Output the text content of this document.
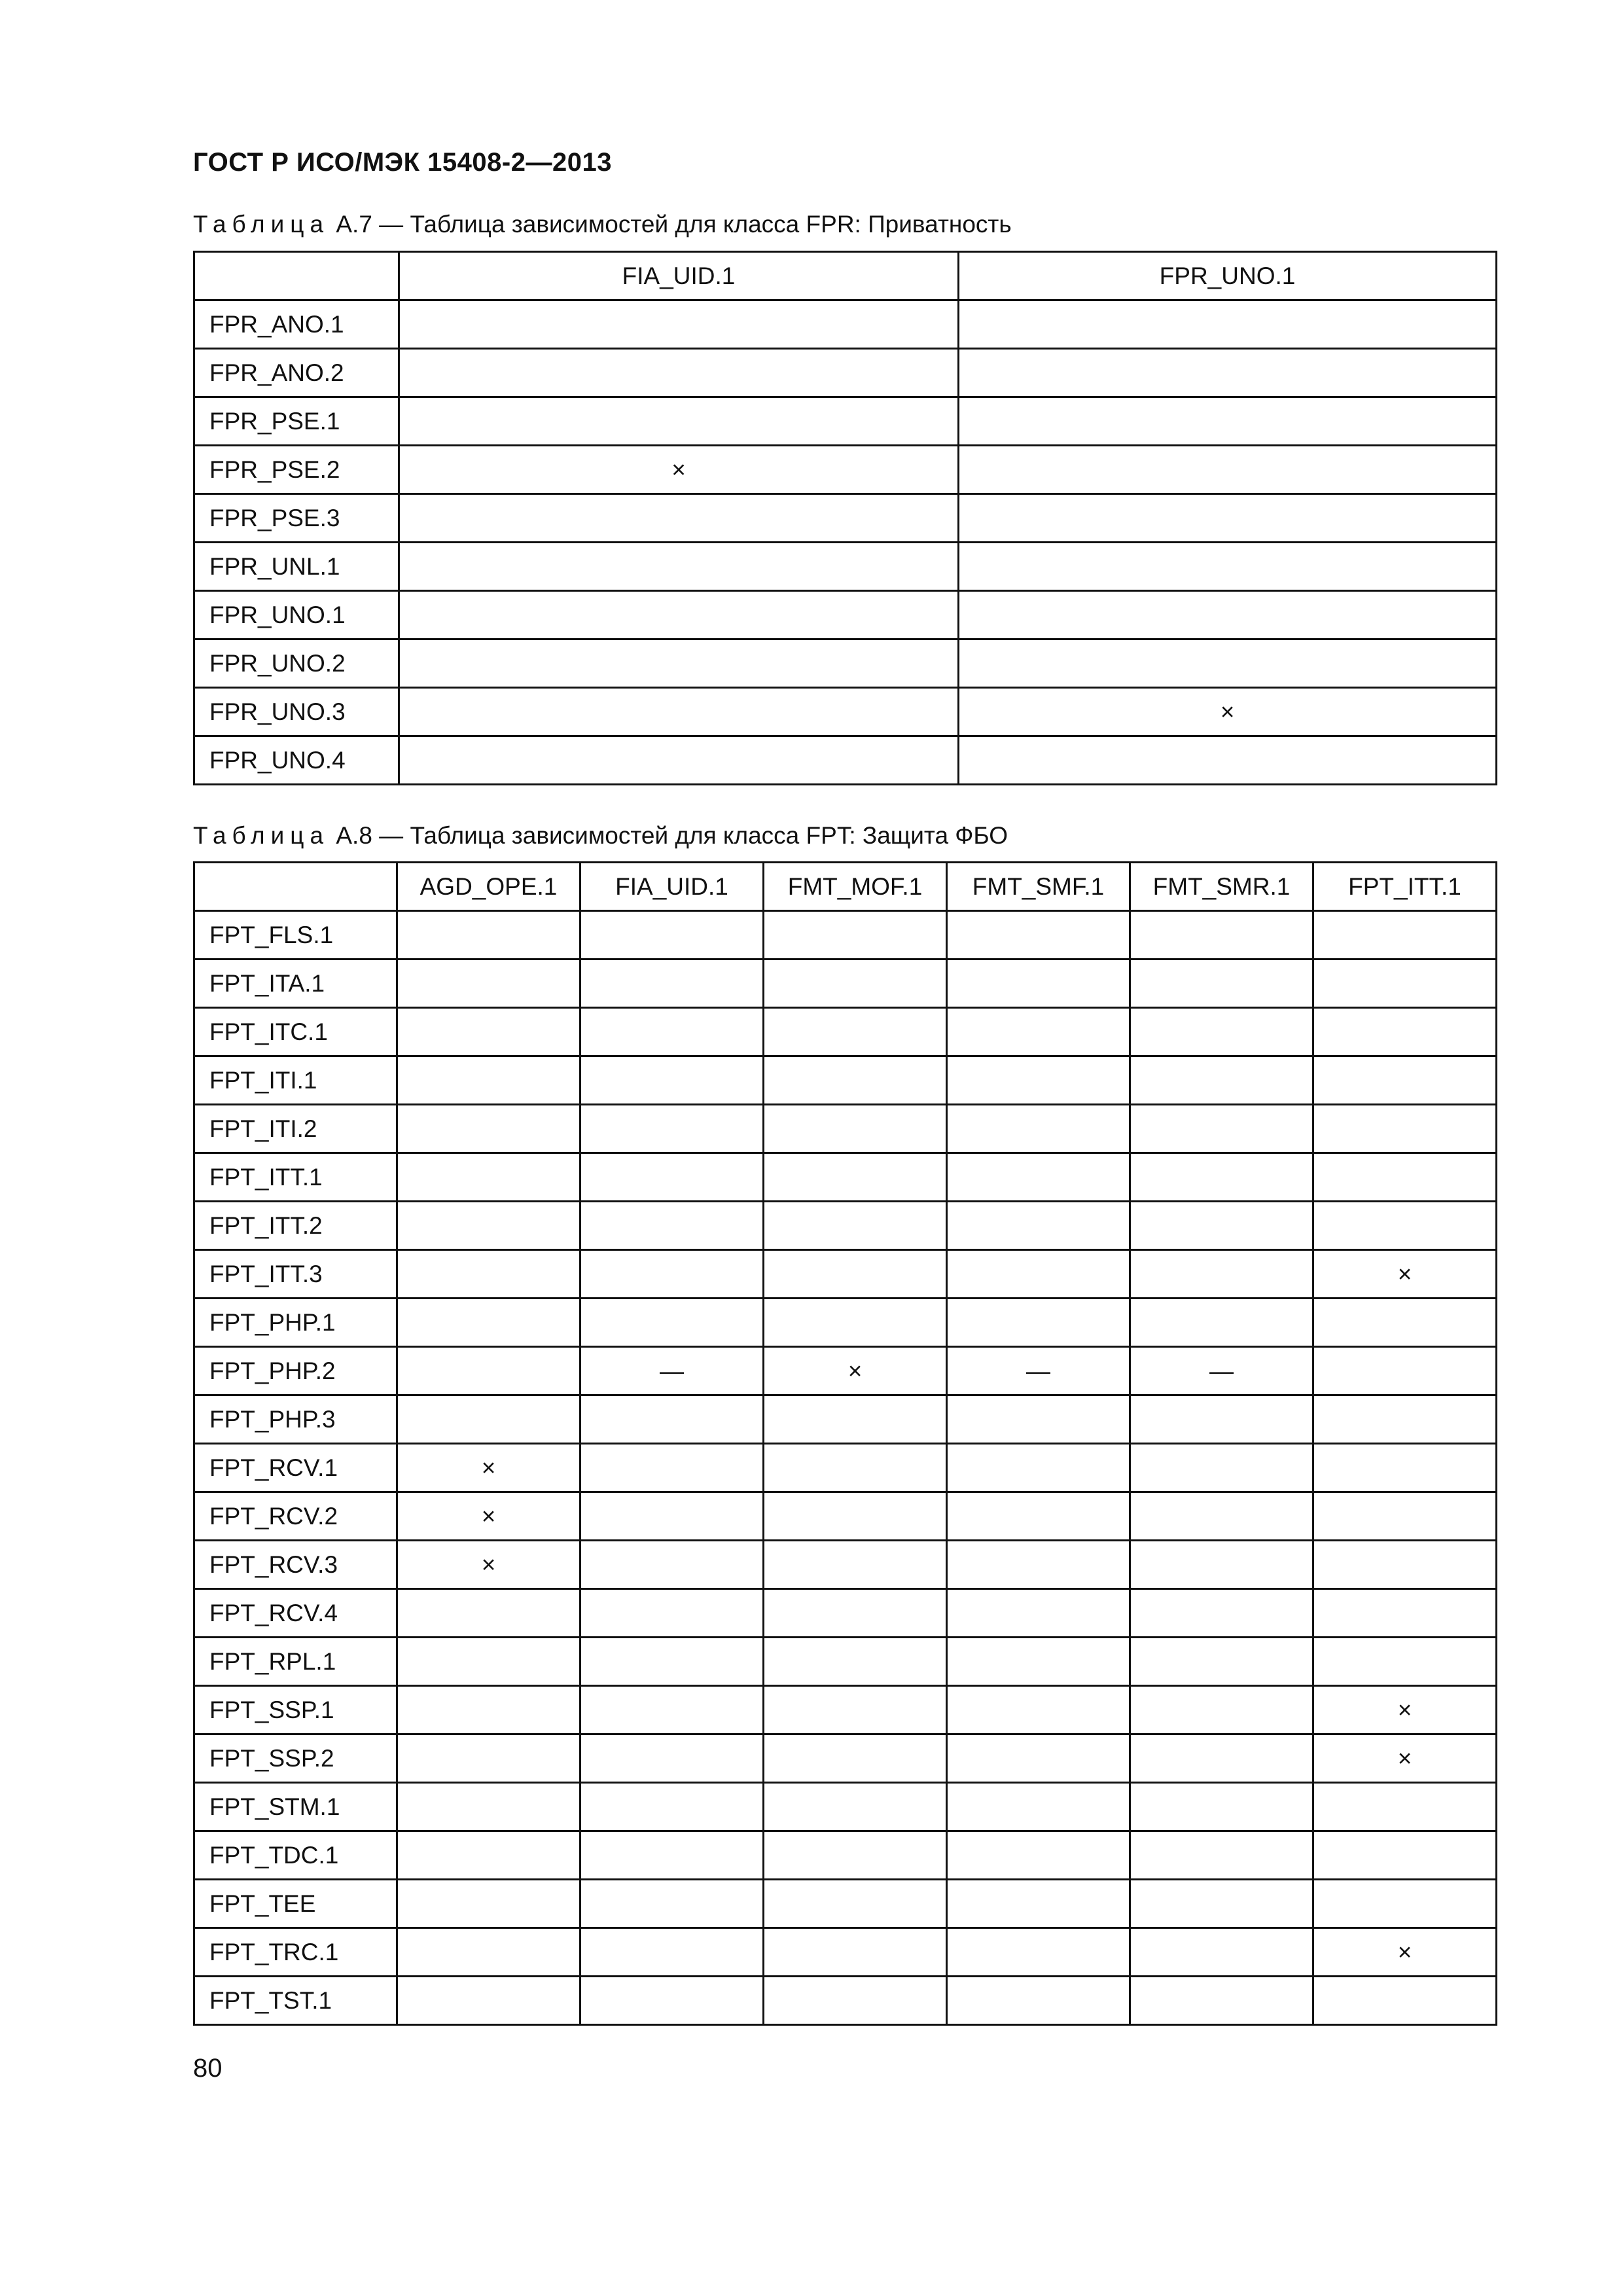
ГОСТ Р ИСО/МЭК 15408-2—2013
Таблица А.7 — Таблица зависимостей для класса FPR: Приватность
	FIA_UID.1	FPR_UNO.1
FPR_ANO.1		
FPR_ANO.2		
FPR_PSE.1		
FPR_PSE.2	×	
FPR_PSE.3		
FPR_UNL.1		
FPR_UNO.1		
FPR_UNO.2		
FPR_UNO.3		×
FPR_UNO.4		
Таблица А.8 — Таблица зависимостей для класса FPT: Защита ФБО
	AGD_OPE.1	FIA_UID.1	FMT_MOF.1	FMT_SMF.1	FMT_SMR.1	FPT_ITT.1
FPT_FLS.1						
FPT_ITA.1						
FPT_ITC.1						
FPT_ITI.1						
FPT_ITI.2						
FPT_ITT.1						
FPT_ITT.2						
FPT_ITT.3						×
FPT_PHP.1						
FPT_PHP.2		—	×	—	—	
FPT_PHP.3						
FPT_RCV.1	×					
FPT_RCV.2	×					
FPT_RCV.3	×					
FPT_RCV.4						
FPT_RPL.1						
FPT_SSP.1						×
FPT_SSP.2						×
FPT_STM.1						
FPT_TDC.1						
FPT_TEE						
FPT_TRC.1						×
FPT_TST.1						
80
